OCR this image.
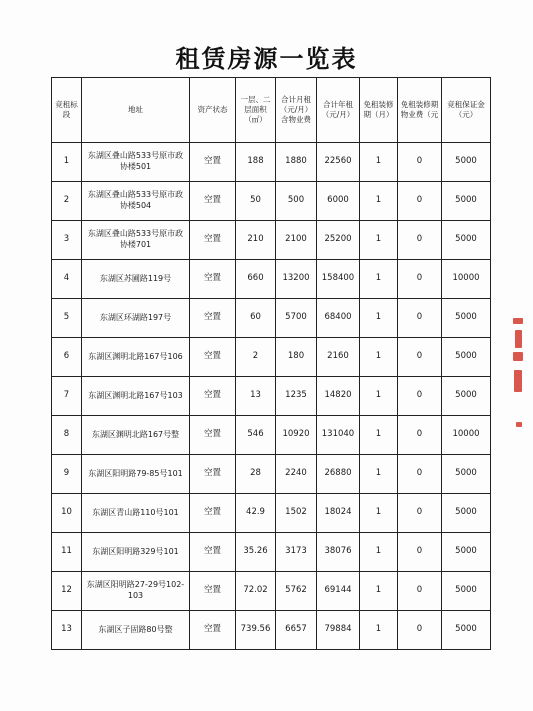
租赁房源一览表
竞租标段	地址	资产状态	一层、二层面积（㎡）	合计月租（元/月）含物业费	合计年租（元/月）	免租装修期（月）	免租装修期物业费（元	竞租保证金（元）
1	东湖区叠山路533号原市政协楼501	空置	188	1880	22560	1	0	5000
2	东湖区叠山路533号原市政协楼504	空置	50	500	6000	1	0	5000
3	东湖区叠山路533号原市政协楼701	空置	210	2100	25200	1	0	5000
4	东湖区苏圃路119号	空置	660	13200	158400	1	0	10000
5	东湖区环湖路197号	空置	60	5700	68400	1	0	5000
6	东湖区渊明北路167号106	空置	2	180	2160	1	0	5000
7	东湖区渊明北路167号103	空置	13	1235	14820	1	0	5000
8	东湖区渊明北路167号整	空置	546	10920	131040	1	0	10000
9	东湖区阳明路79-85号101	空置	28	2240	26880	1	0	5000
10	东湖区青山路110号101	空置	42.9	1502	18024	1	0	5000
11	东湖区阳明路329号101	空置	35.26	3173	38076	1	0	5000
12	东湖区阳明路27-29号102-103	空置	72.02	5762	69144	1	0	5000
13	东湖区子固路80号整	空置	739.56	6657	79884	1	0	5000
